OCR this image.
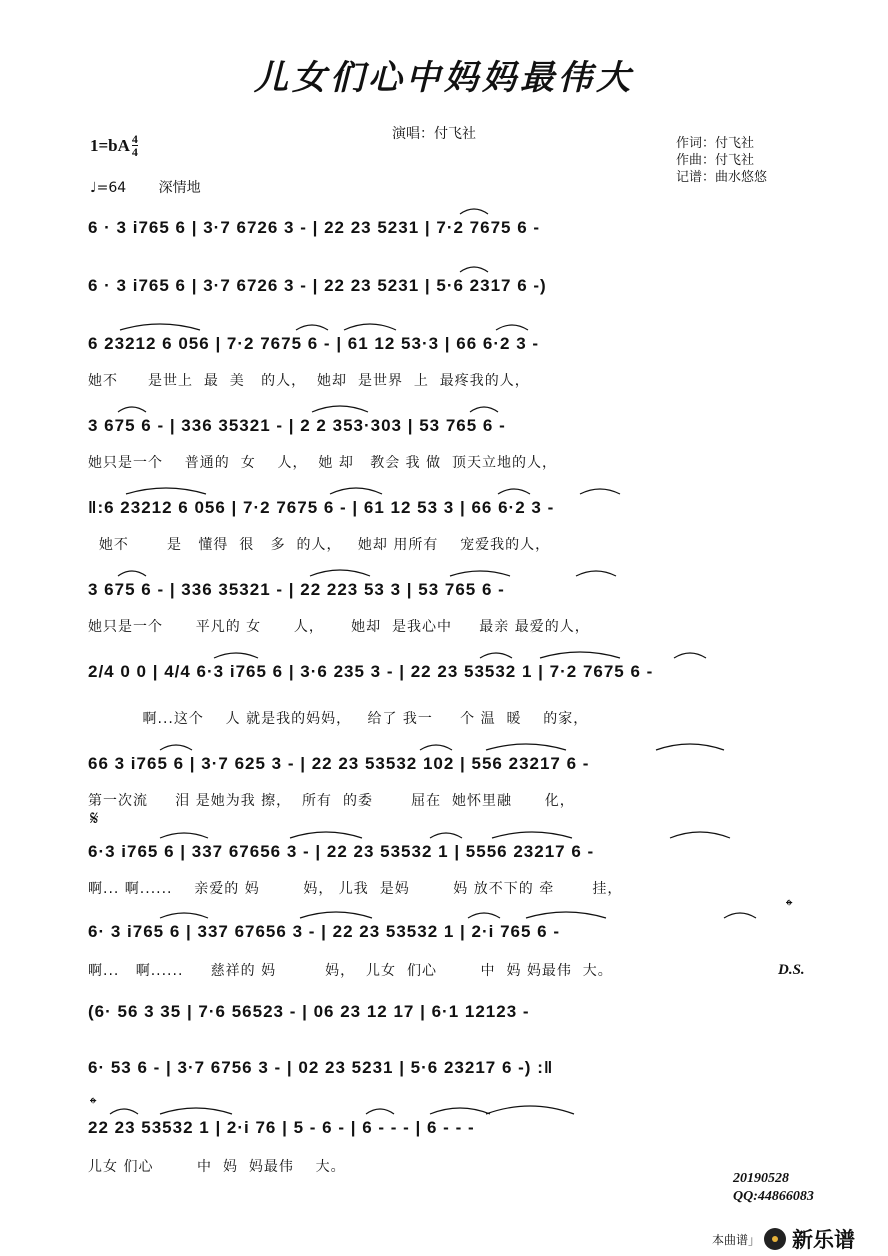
儿女们心中妈妈最伟大
$1=bA \frac{4}{4}$	演唱：付飞社
作词：付飞社
作曲：付飞社
记谱：曲水悠悠
♩=64 深情地
6 · 3 i765 6 | 3·7 6726 3 - | 22 23 5231 | 7·2 7675 6 -
6 · 3 i765 6 | 3·7 6726 3 - | 22 23 5231 | 5·6 2317 6 -)
6 23212 6 056 | 7·2 7675 6 - | 61 12 53·3 | 66 6·2 3 -
她不　　是世上  最  美   的人，  她却  是世界  上  最疼我的人，
3 675 6 - | 336 35321 - | 2 2 353·303 | 53 765 6 -
她只是一个    普通的  女    人，  她 却   教会 我 做  顶天立地的人，
‖:6 23212 6 056 | 7·2 7675 6 - | 61 12 53 3 | 66 6·2 3 -
她不       是   懂得  很   多  的人，   她却 用所有    宠爱我的人，
3 675 6 - | 336 35321 - | 22 223 53 3 | 53 765 6 -
她只是一个      平凡的 女      人，     她却  是我心中     最亲 最爱的人，
2/4 0 0 | 4/4 6·3 i765 6 | 3·6 235 3 - | 22 23 53532 1 | 7·2 7675 6 -
啊...这个    人 就是我的妈妈，   给了 我一     个 温  暖    的家，
66 3 i765 6 | 3·7 625 3 - | 22 23 53532 102 | 556 23217 6 -
第一次流     泪 是她为我 擦，  所有  的委       屈在  她怀里融      化，
𝄋
6·3 i765 6 | 337 67656 3 - | 22 23 53532 1 | 5556 23217 6 -
啊... 啊......    亲爱的 妈        妈， 儿我  是妈        妈 放不下的 牵       挂，
𝄌
6· 3 i765 6 | 337 67656 3 - | 22 23 53532 1 | 2·i 765 6 -
啊...   啊......     慈祥的 妈         妈，  儿女  们心        中  妈 妈最伟  大。	D.S.
(6· 56 3 35 | 7·6 56523 - | 06 23 12 17 | 6·1 12123 -
6· 53 6 - | 3·7 6756 3 - | 02 23 5231 | 5·6 23217 6 -) :‖
𝄌
22 23 53532 1 | 2·i 76 | 5 - 6 - | 6 - - - | 6 - - -
儿女 们心        中  妈  妈最伟    大。
20190528
QQ:44866083
本曲谱」 新乐谱
